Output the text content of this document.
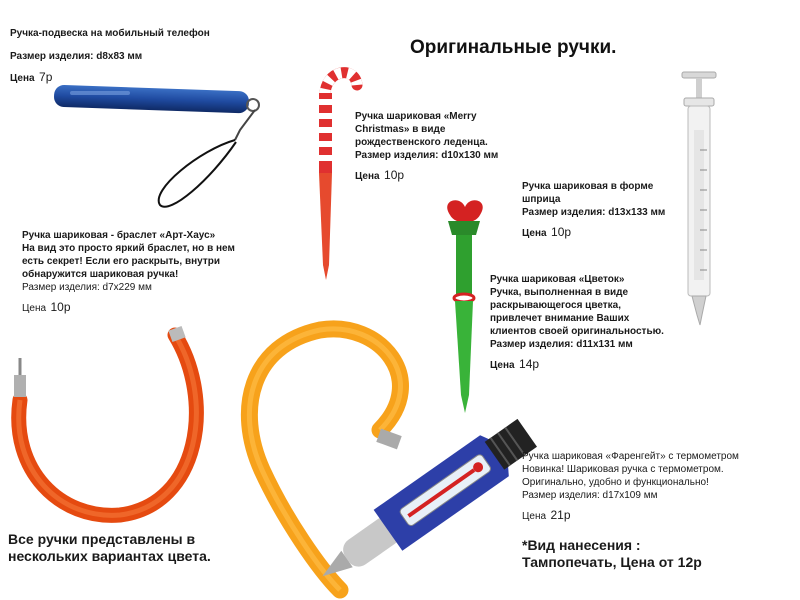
Оригинальные ручки.
Ручка-подвеска на мобильный телефон
Размер изделия: d8x83 мм
Цена 7р
Ручка шариковая «Merry
Christmas» в виде
рождественского леденца.
Размер изделия: d10x130 мм
Цена 10р
Ручка шариковая в форме
шприца
Размер изделия: d13x133 мм
Цена 10р
Ручка шариковая - браслет «Арт-Хаус»
На вид это просто яркий браслет, но в нем
есть секрет! Если его раскрыть, внутри
обнаружится шариковая ручка!
Размер изделия: d7x229 мм
Цена 10р
Ручка шариковая «Цветок»
Ручка, выполненная в виде
раскрывающегося цветка,
привлечет внимание Ваших
клиентов своей оригинальностью.
Размер изделия: d11x131 мм
Цена 14р
Ручка шариковая «Фаренгейт» с термометром
Новинка! Шариковая ручка с термометром.
Оригинально, удобно и функционально!
Размер изделия: d17x109 мм
Цена 21р
Все ручки представлены в
нескольких вариантах цвета.
*Вид нанесения :
Тампопечать, Цена от 12р
